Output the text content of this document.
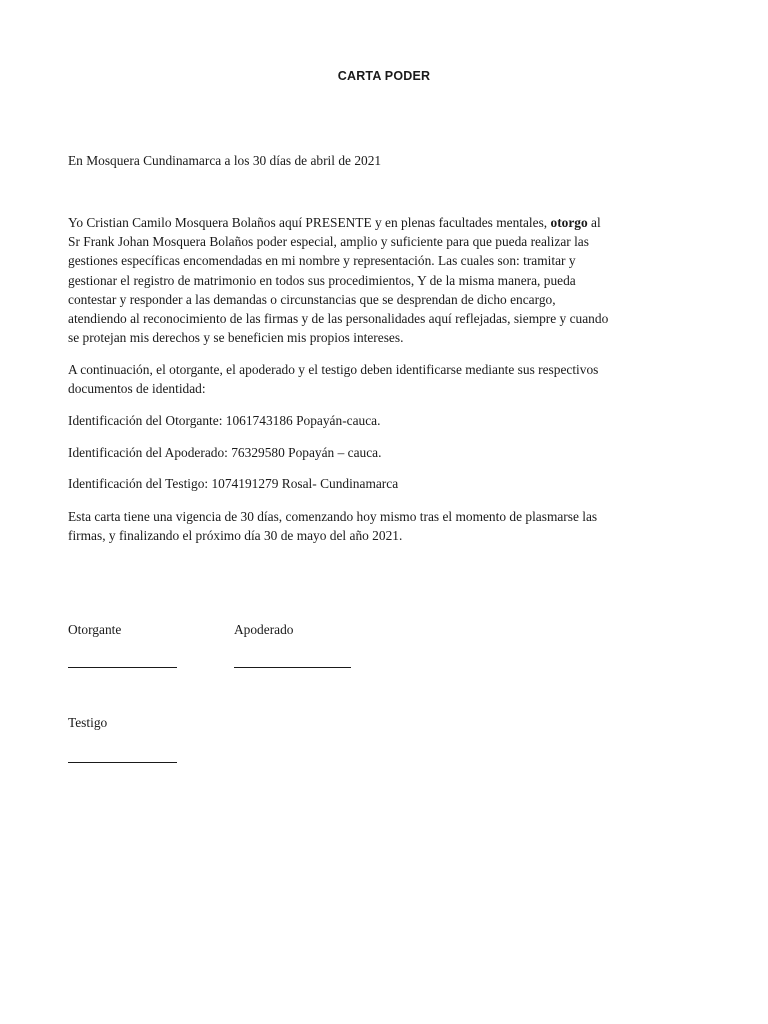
CARTA PODER
En Mosquera Cundinamarca a los 30 días de abril de 2021
Yo Cristian Camilo Mosquera Bolaños aquí PRESENTE y en plenas facultades mentales, otorgo al
Sr Frank Johan Mosquera Bolaños poder especial, amplio y suficiente para que pueda realizar las
gestiones específicas encomendadas en mi nombre y representación. Las cuales son: tramitar y
gestionar el registro de matrimonio en todos sus procedimientos, Y de la misma manera, pueda
contestar y responder a las demandas o circunstancias que se desprendan de dicho encargo,
atendiendo al reconocimiento de las firmas y de las personalidades aquí reflejadas, siempre y cuando
se protejan mis derechos y se beneficien mis propios intereses.
A continuación, el otorgante, el apoderado y el testigo deben identificarse mediante sus respectivos
documentos de identidad:
Identificación del Otorgante: 1061743186 Popayán-cauca.
Identificación del Apoderado: 76329580 Popayán – cauca.
Identificación del Testigo: 1074191279 Rosal- Cundinamarca
Esta carta tiene una vigencia de 30 días, comenzando hoy mismo tras el momento de plasmarse las
firmas, y finalizando el próximo día 30 de mayo del año 2021.
Otorgante	Apoderado
Testigo
